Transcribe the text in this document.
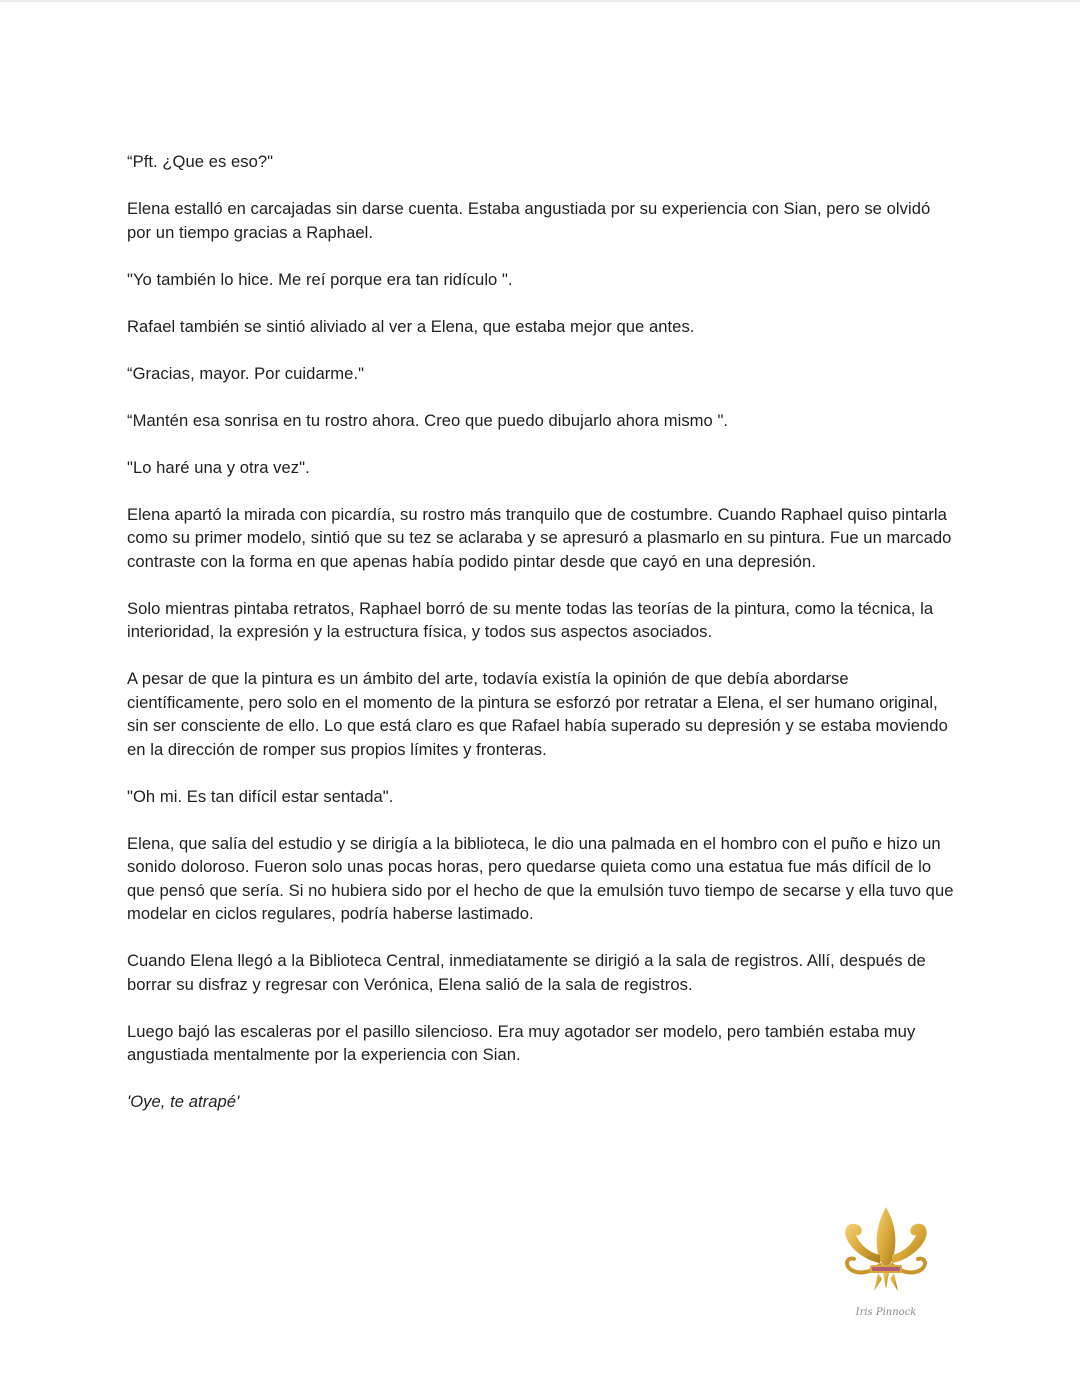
“Pft. ¿Que es eso?"

Elena estalló en carcajadas sin darse cuenta. Estaba angustiada por su experiencia con Sian, pero se olvidó por un tiempo gracias a Raphael.

"Yo también lo hice. Me reí porque era tan ridículo ".

Rafael también se sintió aliviado al ver a Elena, que estaba mejor que antes.

“Gracias, mayor. Por cuidarme."

“Mantén esa sonrisa en tu rostro ahora. Creo que puedo dibujarlo ahora mismo ".

"Lo haré una y otra vez".

Elena apartó la mirada con picardía, su rostro más tranquilo que de costumbre. Cuando Raphael quiso pintarla como su primer modelo, sintió que su tez se aclaraba y se apresuró a plasmarlo en su pintura. Fue un marcado contraste con la forma en que apenas había podido pintar desde que cayó en una depresión.

Solo mientras pintaba retratos, Raphael borró de su mente todas las teorías de la pintura, como la técnica, la interioridad, la expresión y la estructura física, y todos sus aspectos asociados.

A pesar de que la pintura es un ámbito del arte, todavía existía la opinión de que debía abordarse científicamente, pero solo en el momento de la pintura se esforzó por retratar a Elena, el ser humano original, sin ser consciente de ello. Lo que está claro es que Rafael había superado su depresión y se estaba moviendo en la dirección de romper sus propios límites y fronteras.

"Oh mi. Es tan difícil estar sentada".

Elena, que salía del estudio y se dirigía a la biblioteca, le dio una palmada en el hombro con el puño e hizo un sonido doloroso. Fueron solo unas pocas horas, pero quedarse quieta como una estatua fue más difícil de lo que pensó que sería. Si no hubiera sido por el hecho de que la emulsión tuvo tiempo de secarse y ella tuvo que modelar en ciclos regulares, podría haberse lastimado.

Cuando Elena llegó a la Biblioteca Central, inmediatamente se dirigió a la sala de registros. Allí, después de borrar su disfraz y regresar con Verónica, Elena salió de la sala de registros.

Luego bajó las escaleras por el pasillo silencioso. Era muy agotador ser modelo, pero también estaba muy angustiada mentalmente por la experiencia con Sian.

'Oye, te atrapé'

Iris Pinnock
